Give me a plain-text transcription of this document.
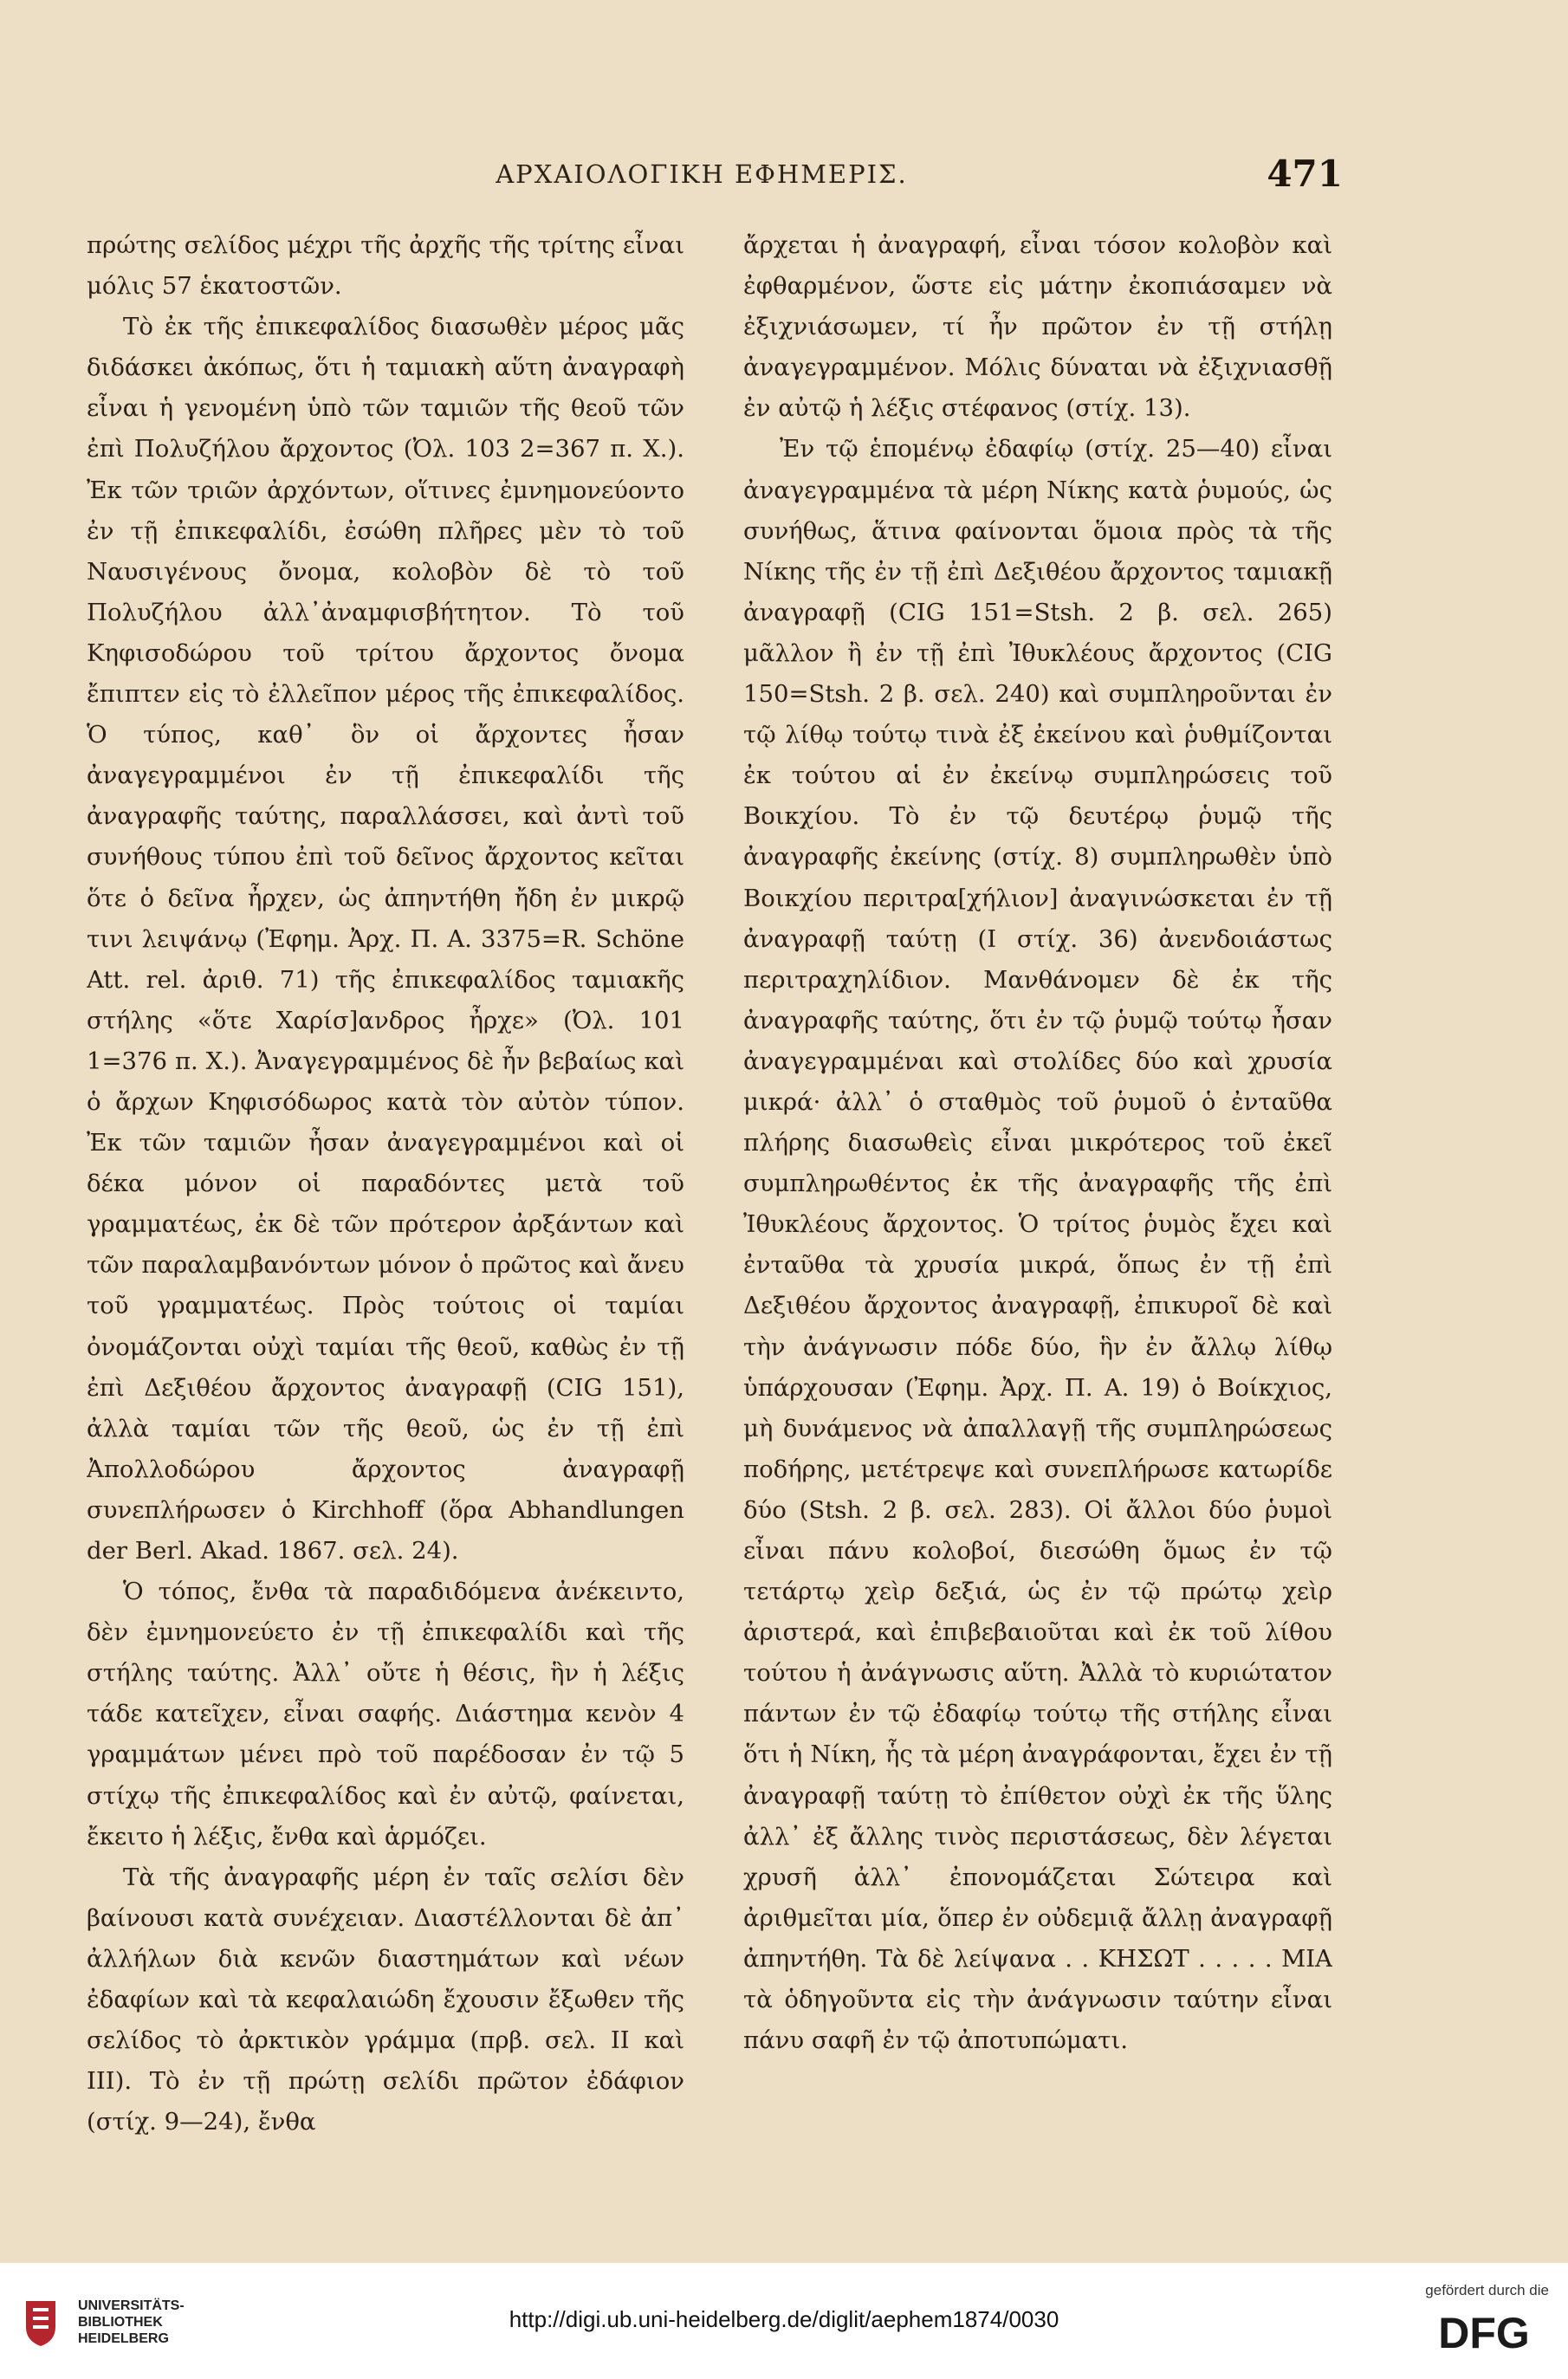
ΑΡΧΑΙΟΛΟΓΙΚΗ ΕΦΗΜΕΡΙΣ.	471

πρώτης σελίδος μέχρι τῆς ἀρχῆς τῆς τρίτης εἶναι μόλις 57 ἑκατοστῶν.

Τὸ ἐκ τῆς ἐπικεφαλίδος διασωθὲν μέρος μᾶς διδάσκει ἀκόπως, ὅτι ἡ ταμιακὴ αὕτη ἀναγραφὴ εἶναι ἡ γενομένη ὑπὸ τῶν ταμιῶν τῆς θεοῦ τῶν ἐπὶ Πολυζήλου ἄρχοντος (Ὀλ. 103 2=367 π. Χ.). Ἐκ τῶν τριῶν ἀρχόντων, οἵτινες ἐμνημονεύοντο ἐν τῇ ἐπικεφαλίδι, ἐσώθη πλῆρες μὲν τὸ τοῦ Ναυσιγένους ὄνομα, κολοβὸν δὲ τὸ τοῦ Πολυζήλου ἀλλ᾽ἀναμφισβήτητον. Τὸ τοῦ Κηφισοδώρου τοῦ τρίτου ἄρχοντος ὄνομα ἔπιπτεν εἰς τὸ ἐλλεῖπον μέρος τῆς ἐπικεφαλίδος. Ὁ τύπος, καθ᾽ ὃν οἱ ἄρχοντες ἦσαν ἀναγεγραμμένοι ἐν τῇ ἐπικεφαλίδι τῆς ἀναγραφῆς ταύτης, παραλλάσσει, καὶ ἀντὶ τοῦ συνήθους τύπου ἐπὶ τοῦ δεῖνος ἄρχοντος κεῖται ὅτε ὁ δεῖνα ἦρχεν, ὡς ἀπηντήθη ἤδη ἐν μικρῷ τινι λειψάνῳ (Ἐφημ. Ἀρχ. Π. Α. 3375=R. Schöne Att. rel. ἀριθ. 71) τῆς ἐπικεφαλίδος ταμιακῆς στήλης «ὅτε Χαρίσ]ανδρος ἦρχε» (Ὀλ. 101 1=376 π. Χ.). Ἀναγεγραμμένος δὲ ἦν βεβαίως καὶ ὁ ἄρχων Κηφισόδωρος κατὰ τὸν αὐτὸν τύπον. Ἐκ τῶν ταμιῶν ἦσαν ἀναγεγραμμένοι καὶ οἱ δέκα μόνον οἱ παραδόντες μετὰ τοῦ γραμματέως, ἐκ δὲ τῶν πρότερον ἀρξάντων καὶ τῶν παραλαμβανόντων μόνον ὁ πρῶτος καὶ ἄνευ τοῦ γραμματέως. Πρὸς τούτοις οἱ ταμίαι ὀνομάζονται οὐχὶ ταμίαι τῆς θεοῦ, καθὼς ἐν τῇ ἐπὶ Δεξιθέου ἄρχοντος ἀναγραφῇ (CIG 151), ἀλλὰ ταμίαι τῶν τῆς θεοῦ, ὡς ἐν τῇ ἐπὶ Ἀπολλοδώρου ἄρχοντος ἀναγραφῇ συνεπλήρωσεν ὁ Kirchhoff (ὅρα Abhandlungen der Berl. Akad. 1867. σελ. 24).

Ὁ τόπος, ἔνθα τὰ παραδιδόμενα ἀνέκειντο, δὲν ἐμνημονεύετο ἐν τῇ ἐπικεφαλίδι καὶ τῆς στήλης ταύτης. Ἀλλ᾽ οὔτε ἡ θέσις, ἣν ἡ λέξις τάδε κατεῖχεν, εἶναι σαφής. Διάστημα κενὸν 4 γραμμάτων μένει πρὸ τοῦ παρέδοσαν ἐν τῷ 5 στίχῳ τῆς ἐπικεφαλίδος καὶ ἐν αὐτῷ, φαίνεται, ἔκειτο ἡ λέξις, ἔνθα καὶ ἁρμόζει.

Τὰ τῆς ἀναγραφῆς μέρη ἐν ταῖς σελίσι δὲν βαίνουσι κατὰ συνέχειαν. Διαστέλλονται δὲ ἀπ᾽ ἀλλήλων διὰ κενῶν διαστημάτων καὶ νέων ἐδαφίων καὶ τὰ κεφαλαιώδη ἔχουσιν ἔξωθεν τῆς σελίδος τὸ ἀρκτικὸν γράμμα (πρβ. σελ. II καὶ III). Τὸ ἐν τῇ πρώτῃ σελίδι πρῶτον ἐδάφιον (στίχ. 9—24), ἔνθα

ἄρχεται ἡ ἀναγραφή, εἶναι τόσον κολοβὸν καὶ ἐφθαρμένον, ὥστε εἰς μάτην ἐκοπιάσαμεν νὰ ἐξιχνιάσωμεν, τί ἦν πρῶτον ἐν τῇ στήλῃ ἀναγεγραμμένον. Μόλις δύναται νὰ ἐξιχνιασθῇ ἐν αὐτῷ ἡ λέξις στέφανος (στίχ. 13).

Ἐν τῷ ἑπομένῳ ἐδαφίῳ (στίχ. 25—40) εἶναι ἀναγεγραμμένα τὰ μέρη Νίκης κατὰ ῥυμούς, ὡς συνήθως, ἅτινα φαίνονται ὅμοια πρὸς τὰ τῆς Νίκης τῆς ἐν τῇ ἐπὶ Δεξιθέου ἄρχοντος ταμιακῇ ἀναγραφῇ (CIG 151=Stsh. 2 β. σελ. 265) μᾶλλον ἢ ἐν τῇ ἐπὶ Ἰθυκλέους ἄρχοντος (CIG 150=Stsh. 2 β. σελ. 240) καὶ συμπληροῦνται ἐν τῷ λίθῳ τούτῳ τινὰ ἐξ ἐκείνου καὶ ῥυθμίζονται ἐκ τούτου αἱ ἐν ἐκείνῳ συμπληρώσεις τοῦ Βοικχίου. Τὸ ἐν τῷ δευτέρῳ ῥυμῷ τῆς ἀναγραφῆς ἐκείνης (στίχ. 8) συμπληρωθὲν ὑπὸ Βοικχίου περιτρα[χήλιον] ἀναγινώσκεται ἐν τῇ ἀναγραφῇ ταύτῃ (I στίχ. 36) ἀνενδοιάστως περιτραχηλίδιον. Μανθάνομεν δὲ ἐκ τῆς ἀναγραφῆς ταύτης, ὅτι ἐν τῷ ῥυμῷ τούτῳ ἦσαν ἀναγεγραμμέναι καὶ στολίδες δύο καὶ χρυσία μικρά· ἀλλ᾽ ὁ σταθμὸς τοῦ ῥυμοῦ ὁ ἐνταῦθα πλήρης διασωθεὶς εἶναι μικρότερος τοῦ ἐκεῖ συμπληρωθέντος ἐκ τῆς ἀναγραφῆς τῆς ἐπὶ Ἰθυκλέους ἄρχοντος. Ὁ τρίτος ῥυμὸς ἔχει καὶ ἐνταῦθα τὰ χρυσία μικρά, ὅπως ἐν τῇ ἐπὶ Δεξιθέου ἄρχοντος ἀναγραφῇ, ἐπικυροῖ δὲ καὶ τὴν ἀνάγνωσιν πόδε δύο, ἣν ἐν ἄλλῳ λίθῳ ὑπάρχουσαν (Ἐφημ. Ἀρχ. Π. Α. 19) ὁ Βοίκχιος, μὴ δυνάμενος νὰ ἀπαλλαγῇ τῆς συμπληρώσεως ποδήρης, μετέτρεψε καὶ συνεπλήρωσε κατωρίδε δύο (Stsh. 2 β. σελ. 283). Οἱ ἄλλοι δύο ῥυμοὶ εἶναι πάνυ κολοβοί, διεσώθη ὅμως ἐν τῷ τετάρτῳ χεὶρ δεξιά, ὡς ἐν τῷ πρώτῳ χεὶρ ἀριστερά, καὶ ἐπιβεβαιοῦται καὶ ἐκ τοῦ λίθου τούτου ἡ ἀνάγνωσις αὕτη. Ἀλλὰ τὸ κυριώτατον πάντων ἐν τῷ ἐδαφίῳ τούτῳ τῆς στήλης εἶναι ὅτι ἡ Νίκη, ἧς τὰ μέρη ἀναγράφονται, ἔχει ἐν τῇ ἀναγραφῇ ταύτῃ τὸ ἐπίθετον οὐχὶ ἐκ τῆς ὕλης ἀλλ᾽ ἐξ ἄλλης τινὸς περιστάσεως, δὲν λέγεται χρυσῆ ἀλλ᾽ ἐπονομάζεται Σώτειρα καὶ ἀριθμεῖται μία, ὅπερ ἐν οὐδεμιᾷ ἄλλῃ ἀναγραφῇ ἀπηντήθη. Τὰ δὲ λείψανα . . ΚΗΣΩΤ . . . . . ΜΙΑ τὰ ὁδηγοῦντα εἰς τὴν ἀνάγνωσιν ταύτην εἶναι πάνυ σαφῆ ἐν τῷ ἀποτυπώματι.

UNIVERSITÄTS-
BIBLIOTHEK
HEIDELBERG
http://digi.ub.uni-heidelberg.de/diglit/aephem1874/0030
gefördert durch die
DFG
